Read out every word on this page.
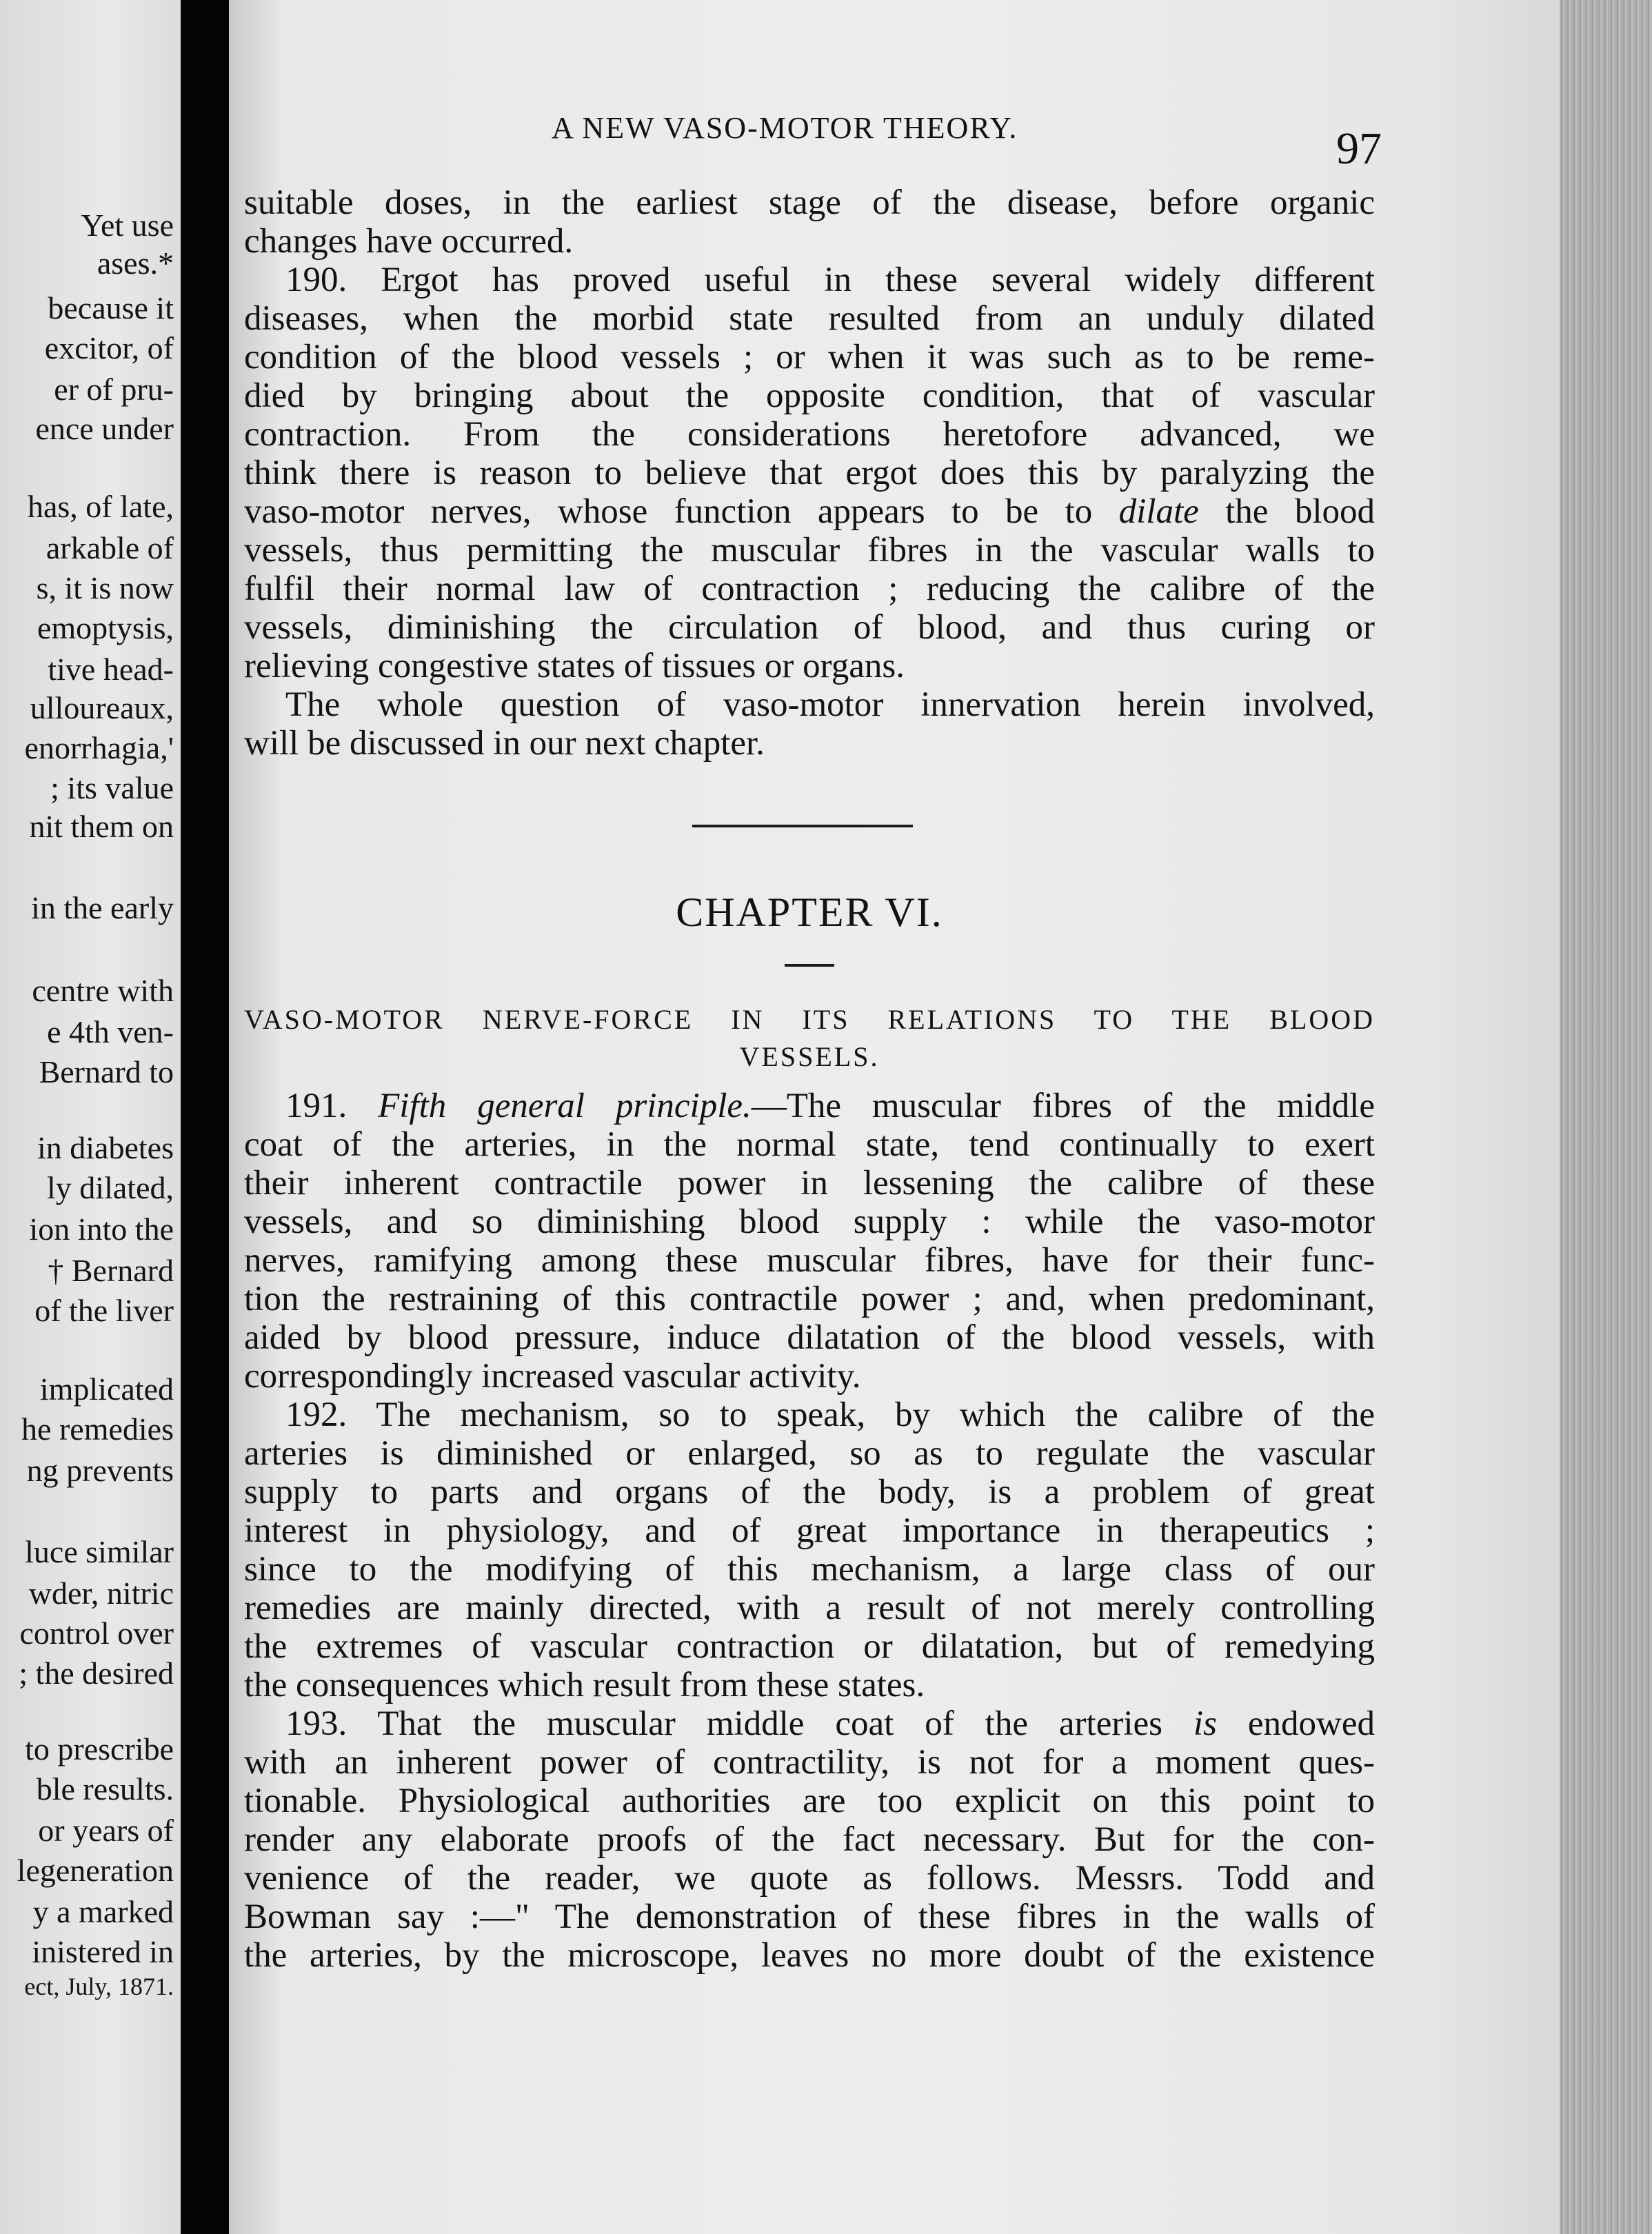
Yet use
ases.*
because it
excitor, of
er of pru-
ence under
has, of late,
arkable of
s, it is now
emoptysis,
tive head-
ulloureaux,
enorrhagia,'
; its value
nit them on
in the early
centre with
e 4th ven-
Bernard to
in diabetes
ly dilated,
ion into the
† Bernard
of the liver
implicated
he remedies
ng prevents
luce similar
wder, nitric
control over
; the desired
to prescribe
ble results.
or years of
legeneration
y a marked
inistered in
ect, July, 1871.
A NEW VASO-MOTOR THEORY.	97
suitable doses, in the earliest stage of the disease, before organic
changes have occurred.
190. Ergot has proved useful in these several widely different
diseases, when the morbid state resulted from an unduly dilated
condition of the blood vessels ; or when it was such as to be reme-
died by bringing about the opposite condition, that of vascular
contraction. From the considerations heretofore advanced, we
think there is reason to believe that ergot does this by paralyzing the
vaso-motor nerves, whose function appears to be to dilate the blood
vessels, thus permitting the muscular fibres in the vascular walls to
fulfil their normal law of contraction ; reducing the calibre of the
vessels, diminishing the circulation of blood, and thus curing or
relieving congestive states of tissues or organs.
The whole question of vaso-motor innervation herein involved,
will be discussed in our next chapter.
CHAPTER VI.
VASO-MOTOR NERVE-FORCE IN ITS RELATIONS TO THE BLOOD
VESSELS.
191. Fifth general principle.—The muscular fibres of the middle
coat of the arteries, in the normal state, tend continually to exert
their inherent contractile power in lessening the calibre of these
vessels, and so diminishing blood supply : while the vaso-motor
nerves, ramifying among these muscular fibres, have for their func-
tion the restraining of this contractile power ; and, when predominant,
aided by blood pressure, induce dilatation of the blood vessels, with
correspondingly increased vascular activity.
192. The mechanism, so to speak, by which the calibre of the
arteries is diminished or enlarged, so as to regulate the vascular
supply to parts and organs of the body, is a problem of great
interest in physiology, and of great importance in therapeutics ;
since to the modifying of this mechanism, a large class of our
remedies are mainly directed, with a result of not merely controlling
the extremes of vascular contraction or dilatation, but of remedying
the consequences which result from these states.
193. That the muscular middle coat of the arteries is endowed
with an inherent power of contractility, is not for a moment ques-
tionable. Physiological authorities are too explicit on this point to
render any elaborate proofs of the fact necessary. But for the con-
venience of the reader, we quote as follows. Messrs. Todd and
Bowman say :—" The demonstration of these fibres in the walls of
the arteries, by the microscope, leaves no more doubt of the existence
